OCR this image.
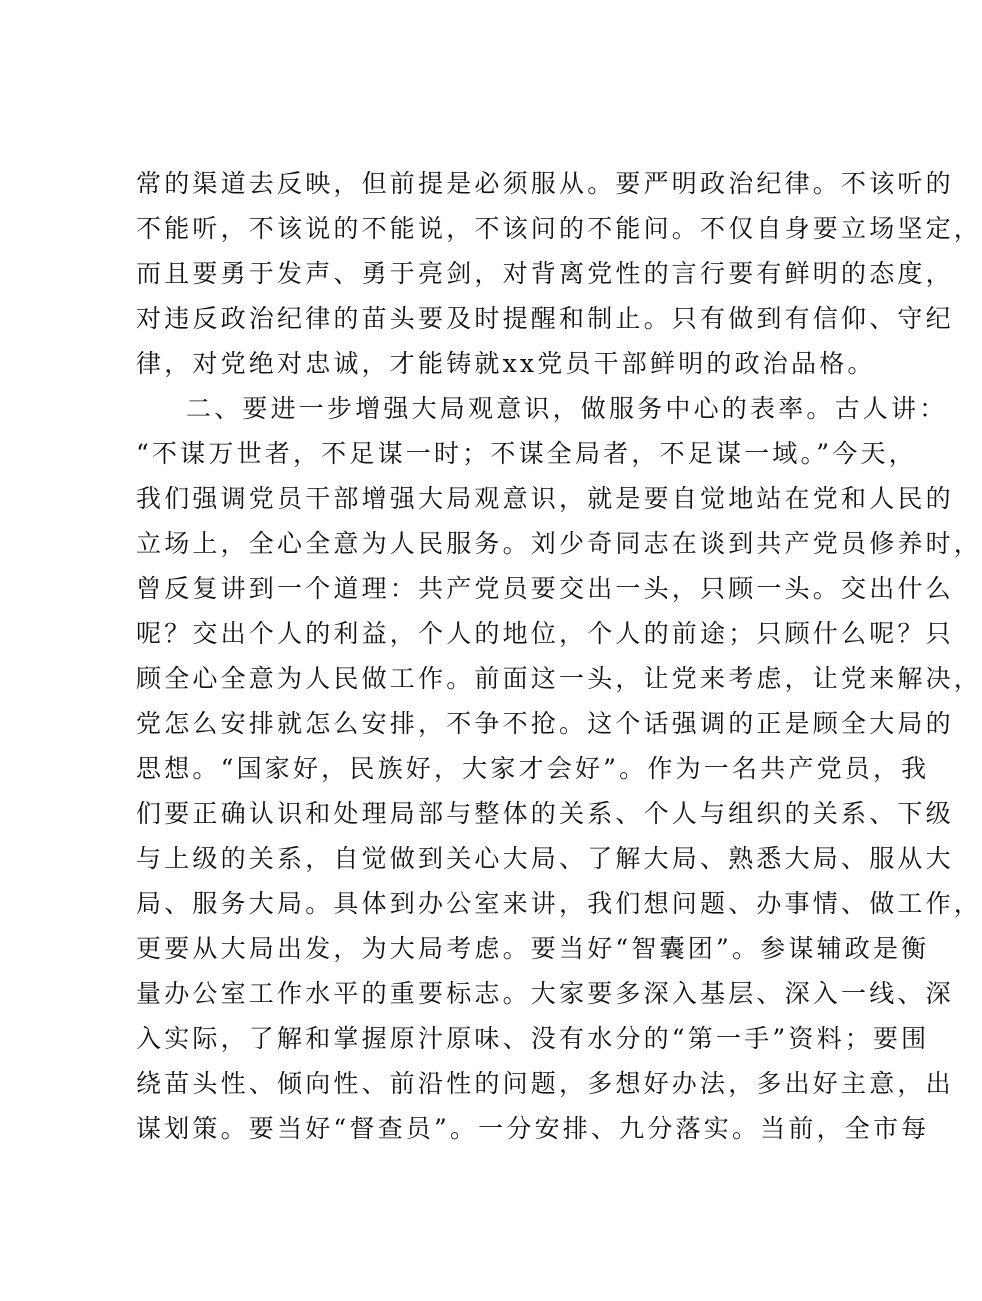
常的渠道去反映，但前提是必须服从。要严明政治纪律。不该听的
不能听，不该说的不能说，不该问的不能问。不仅自身要立场坚定，
而且要勇于发声、勇于亮剑，对背离党性的言行要有鲜明的态度，
对违反政治纪律的苗头要及时提醒和制止。只有做到有信仰、守纪
律，对党绝对忠诚，才能铸就xx党员干部鲜明的政治品格。
二、要进一步增强大局观意识，做服务中心的表率。古人讲：
“不谋万世者，不足谋一时；不谋全局者，不足谋一域。”今天，
我们强调党员干部增强大局观意识，就是要自觉地站在党和人民的
立场上，全心全意为人民服务。刘少奇同志在谈到共产党员修养时，
曾反复讲到一个道理：共产党员要交出一头，只顾一头。交出什么
呢？交出个人的利益，个人的地位，个人的前途；只顾什么呢？只
顾全心全意为人民做工作。前面这一头，让党来考虑，让党来解决，
党怎么安排就怎么安排，不争不抢。这个话强调的正是顾全大局的
思想。“国家好，民族好，大家才会好”。作为一名共产党员，我
们要正确认识和处理局部与整体的关系、个人与组织的关系、下级
与上级的关系，自觉做到关心大局、了解大局、熟悉大局、服从大
局、服务大局。具体到办公室来讲，我们想问题、办事情、做工作，
更要从大局出发，为大局考虑。要当好“智囊团”。参谋辅政是衡
量办公室工作水平的重要标志。大家要多深入基层、深入一线、深
入实际，了解和掌握原汁原味、没有水分的“第一手”资料；要围
绕苗头性、倾向性、前沿性的问题，多想好办法，多出好主意，出
谋划策。要当好“督查员”。一分安排、九分落实。当前，全市每
